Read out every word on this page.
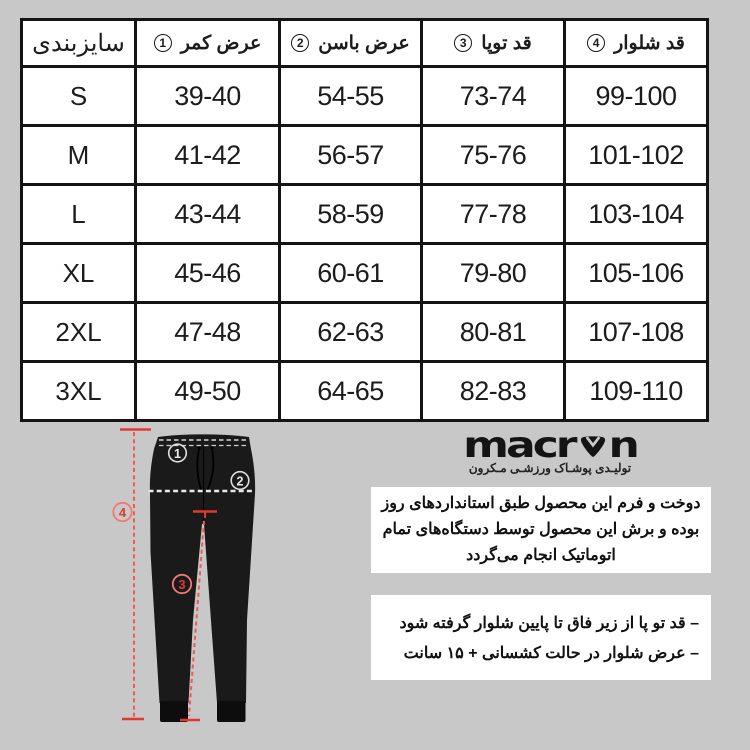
سایزبندی	1 عرض کمر	2 عرض باسن	3 قد توپا	4 قد شلوار

S	39-40	54-55	73-74	99-100
M	41-42	56-57	75-76	101-102
L	43-44	58-59	77-78	103-104
XL	45-46	60-61	79-80	105-106
2XL	47-48	62-63	80-81	107-108
3XL	49-50	64-65	82-83	109-110
1
2
4
3
macr n
تولیـدی پوشـاک ورزشـی مـکرون

دوخت و فرم این محصول طبق استانداردهای روز بوده و برش این محصول توسط دستگاه‌های تمام اتوماتیک انجام می‌گردد

– قد تو پا از زیر فاق تا پایین شلوار گرفته شود
– عرض شلوار در حالت کشسانی + ۱۵ سانت
